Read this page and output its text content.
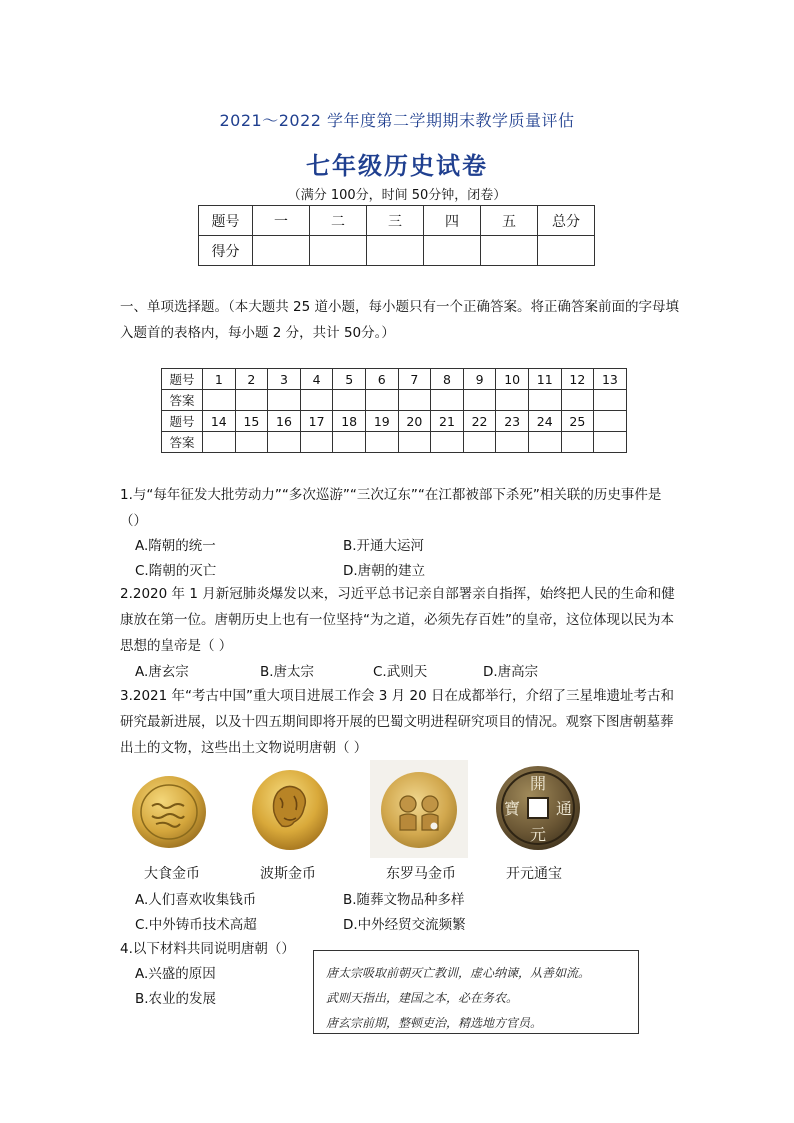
2021～2022 学年度第二学期期末教学质量评估
七年级历史试卷
（满分 100分，时间 50分钟，闭卷）
题号	一	二	三	四	五	总分
得分						
一、单项选择题。（本大题共 25 道小题，每小题只有一个正确答案。将正确答案前面的字母填入题首的表格内，每小题 2 分，共计 50分。）
题号	1	2	3	4	5	6	7	8	9	10	11	12	13
答案													
题号	14	15	16	17	18	19	20	21	22	23	24	25	
答案													
1.与“每年征发大批劳动力”“多次巡游”“三次辽东”“在江都被部下杀死”相关联的历史事件是（）
A.隋朝的统一	B.开通大运河
C.隋朝的灭亡	D.唐朝的建立
2.2020 年 1 月新冠肺炎爆发以来，习近平总书记亲自部署亲自指挥，始终把人民的生命和健康放在第一位。唐朝历史上也有一位坚持“为之道，必须先存百姓”的皇帝，这位体现以民为本思想的皇帝是（ ）
A.唐玄宗	B.唐太宗	C.武则天	D.唐高宗
3.2021 年“考古中国”重大项目进展工作会 3 月 20 日在成都举行，介绍了三星堆遗址考古和研究最新进展，以及十四五期间即将开展的巴蜀文明进程研究项目的情况。观察下图唐朝墓葬出土的文物，这些出土文物说明唐朝（ ）
開
通
元
寶
大食金币	波斯金币	东罗马金币	开元通宝
A.人们喜欢收集钱币	B.随葬文物品种多样
C.中外铸币技术高超	D.中外经贸交流频繁
4.以下材料共同说明唐朝（）
A.兴盛的原因
B.农业的发展
唐太宗吸取前朝灭亡教训，虚心纳谏，从善如流。
武则天指出，建国之本，必在务农。
唐玄宗前期，整顿吏治，精选地方官员。
